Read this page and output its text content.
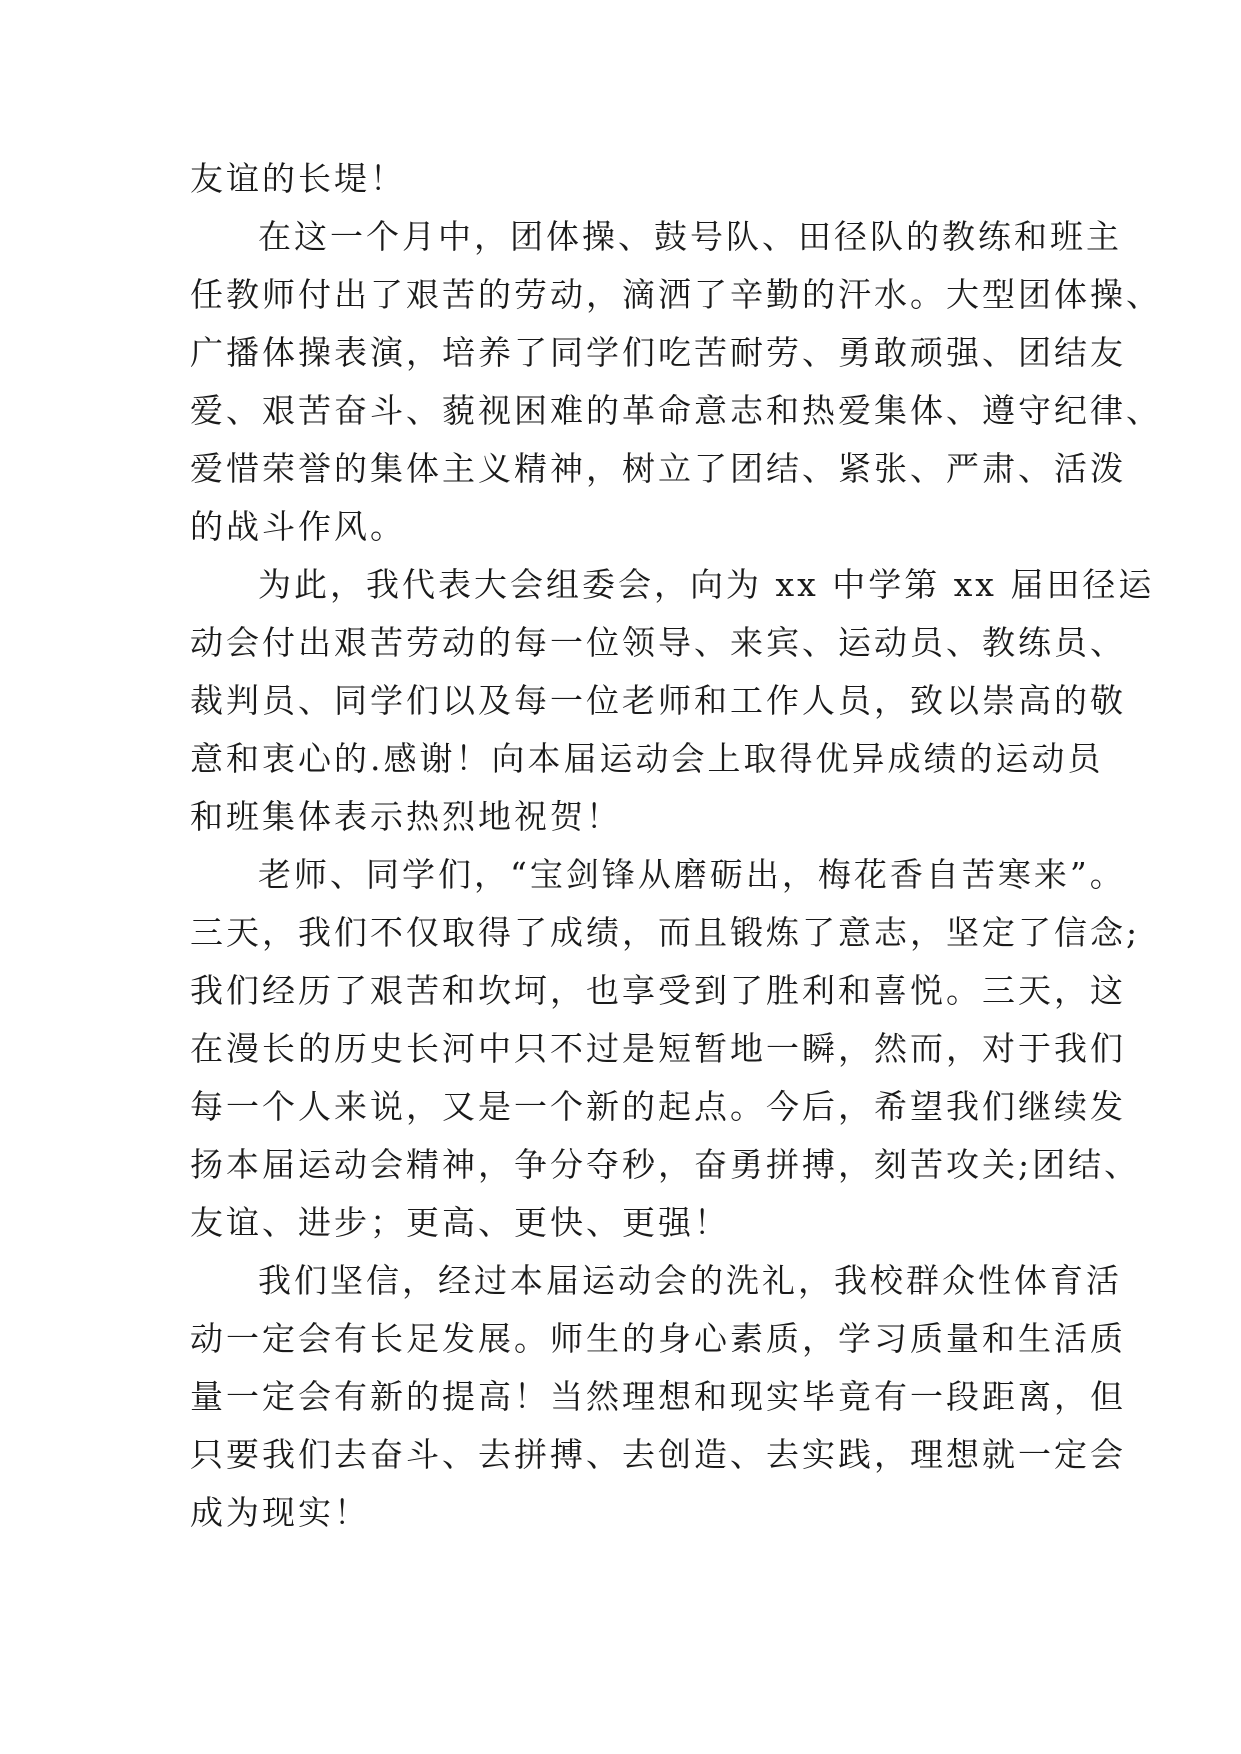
友谊的长堤！
在这一个月中，团体操、鼓号队、田径队的教练和班主
任教师付出了艰苦的劳动，滴洒了辛勤的汗水。大型团体操、
广播体操表演，培养了同学们吃苦耐劳、勇敢顽强、团结友
爱、艰苦奋斗、藐视困难的革命意志和热爱集体、遵守纪律、
爱惜荣誉的集体主义精神，树立了团结、紧张、严肃、活泼
的战斗作风。
为此，我代表大会组委会，向为 xx 中学第 xx 届田径运
动会付出艰苦劳动的每一位领导、来宾、运动员、教练员、
裁判员、同学们以及每一位老师和工作人员，致以崇高的敬
意和衷心的.感谢！向本届运动会上取得优异成绩的运动员
和班集体表示热烈地祝贺！
老师、同学们，“宝剑锋从磨砺出，梅花香自苦寒来”。
三天，我们不仅取得了成绩，而且锻炼了意志，坚定了信念;
我们经历了艰苦和坎坷，也享受到了胜利和喜悦。三天，这
在漫长的历史长河中只不过是短暂地一瞬，然而，对于我们
每一个人来说，又是一个新的起点。今后，希望我们继续发
扬本届运动会精神，争分夺秒，奋勇拼搏，刻苦攻关;团结、
友谊、进步；更高、更快、更强！
我们坚信，经过本届运动会的洗礼，我校群众性体育活
动一定会有长足发展。师生的身心素质，学习质量和生活质
量一定会有新的提高！当然理想和现实毕竟有一段距离，但
只要我们去奋斗、去拼搏、去创造、去实践，理想就一定会
成为现实！
